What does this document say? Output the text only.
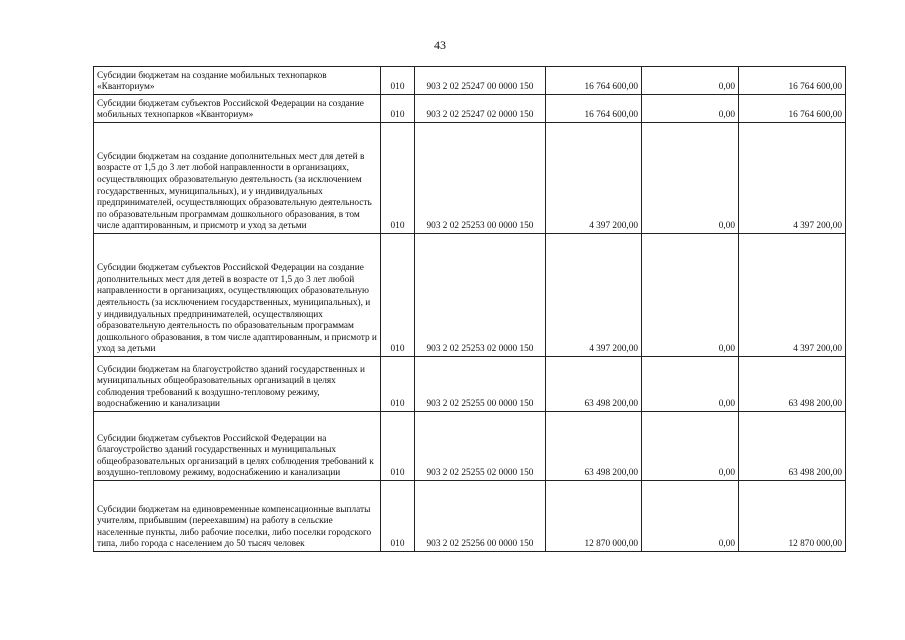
43
Субсидии бюджетам на создание мобильных технопарков «Кванториум»	010	903 2 02 25247 00 0000 150	16 764 600,00	0,00	16 764 600,00
Субсидии бюджетам субъектов Российской Федерации на создание мобильных технопарков «Кванториум»	010	903 2 02 25247 02 0000 150	16 764 600,00	0,00	16 764 600,00
Субсидии бюджетам на создание дополнительных мест для детей в возрасте от 1,5 до 3 лет любой направленности в организациях, осуществляющих образовательную деятельность (за исключением государственных, муниципальных), и у индивидуальных предпринимателей, осуществляющих образовательную деятельность по образовательным программам дошкольного образования, в том числе адаптированным, и присмотр и уход за детьми	010	903 2 02 25253 00 0000 150	4 397 200,00	0,00	4 397 200,00
Субсидии бюджетам субъектов Российской Федерации на создание дополнительных мест для детей в возрасте от 1,5 до 3 лет любой направленности в организациях, осуществляющих образовательную деятельность (за исключением государственных, муниципальных), и у индивидуальных предпринимателей, осуществляющих образовательную деятельность по образовательным программам дошкольного образования, в том числе адаптированным, и присмотр и уход за детьми	010	903 2 02 25253 02 0000 150	4 397 200,00	0,00	4 397 200,00
Субсидии бюджетам на благоустройство зданий государственных и муниципальных общеобразовательных организаций в целях соблюдения требований к воздушно-тепловому режиму, водоснабжению и канализации	010	903 2 02 25255 00 0000 150	63 498 200,00	0,00	63 498 200,00
Субсидии бюджетам субъектов Российской Федерации на благоустройство зданий государственных и муниципальных общеобразовательных организаций в целях соблюдения требований к воздушно-тепловому режиму, водоснабжению и канализации	010	903 2 02 25255 02 0000 150	63 498 200,00	0,00	63 498 200,00
Субсидии бюджетам на единовременные компенсационные выплаты учителям, прибывшим (переехавшим) на работу в сельские населенные пункты, либо рабочие поселки, либо поселки городского типа, либо города с населением до 50 тысяч человек	010	903 2 02 25256 00 0000 150	12 870 000,00	0,00	12 870 000,00
